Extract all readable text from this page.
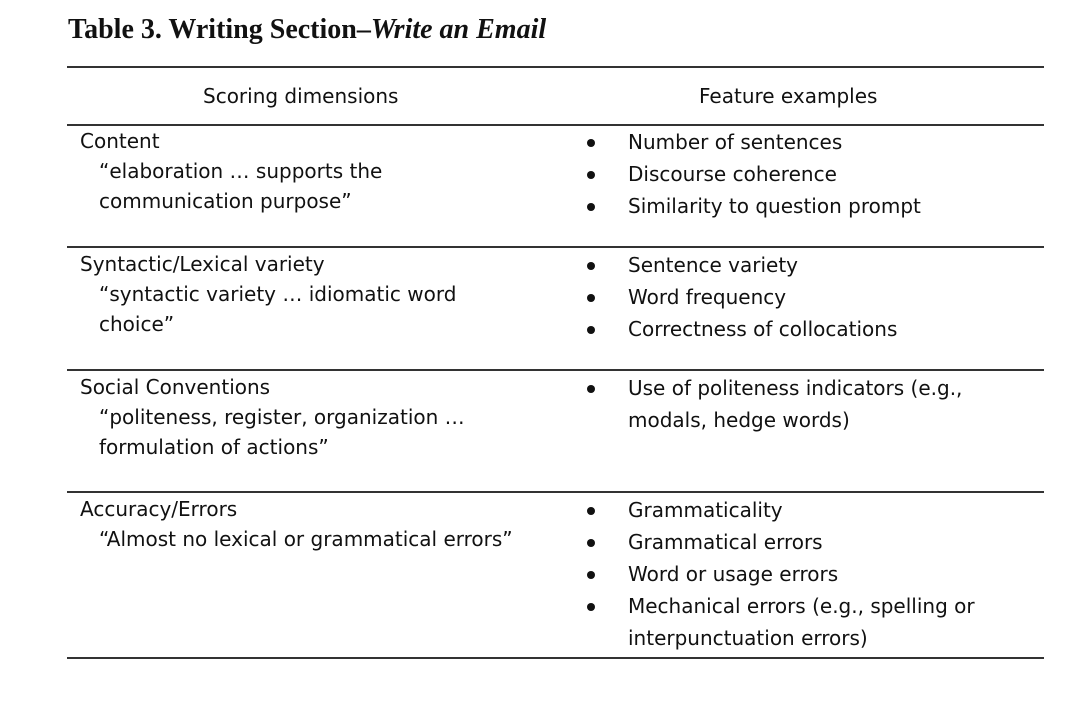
Table 3. Writing Section–Write an Email
Scoring dimensions	Feature examples
Content
“elaboration … supports the
communication purpose”
Number of sentences
Discourse coherence
Similarity to question prompt
Syntactic/Lexical variety
“syntactic variety … idiomatic word
choice”
Sentence variety
Word frequency
Correctness of collocations
Social Conventions
“politeness, register, organization …
formulation of actions”
Use of politeness indicators (e.g.,
modals, hedge words)
Accuracy/Errors
“Almost no lexical or grammatical errors”
Grammaticality
Grammatical errors
Word or usage errors
Mechanical errors (e.g., spelling or
interpunctuation errors)
